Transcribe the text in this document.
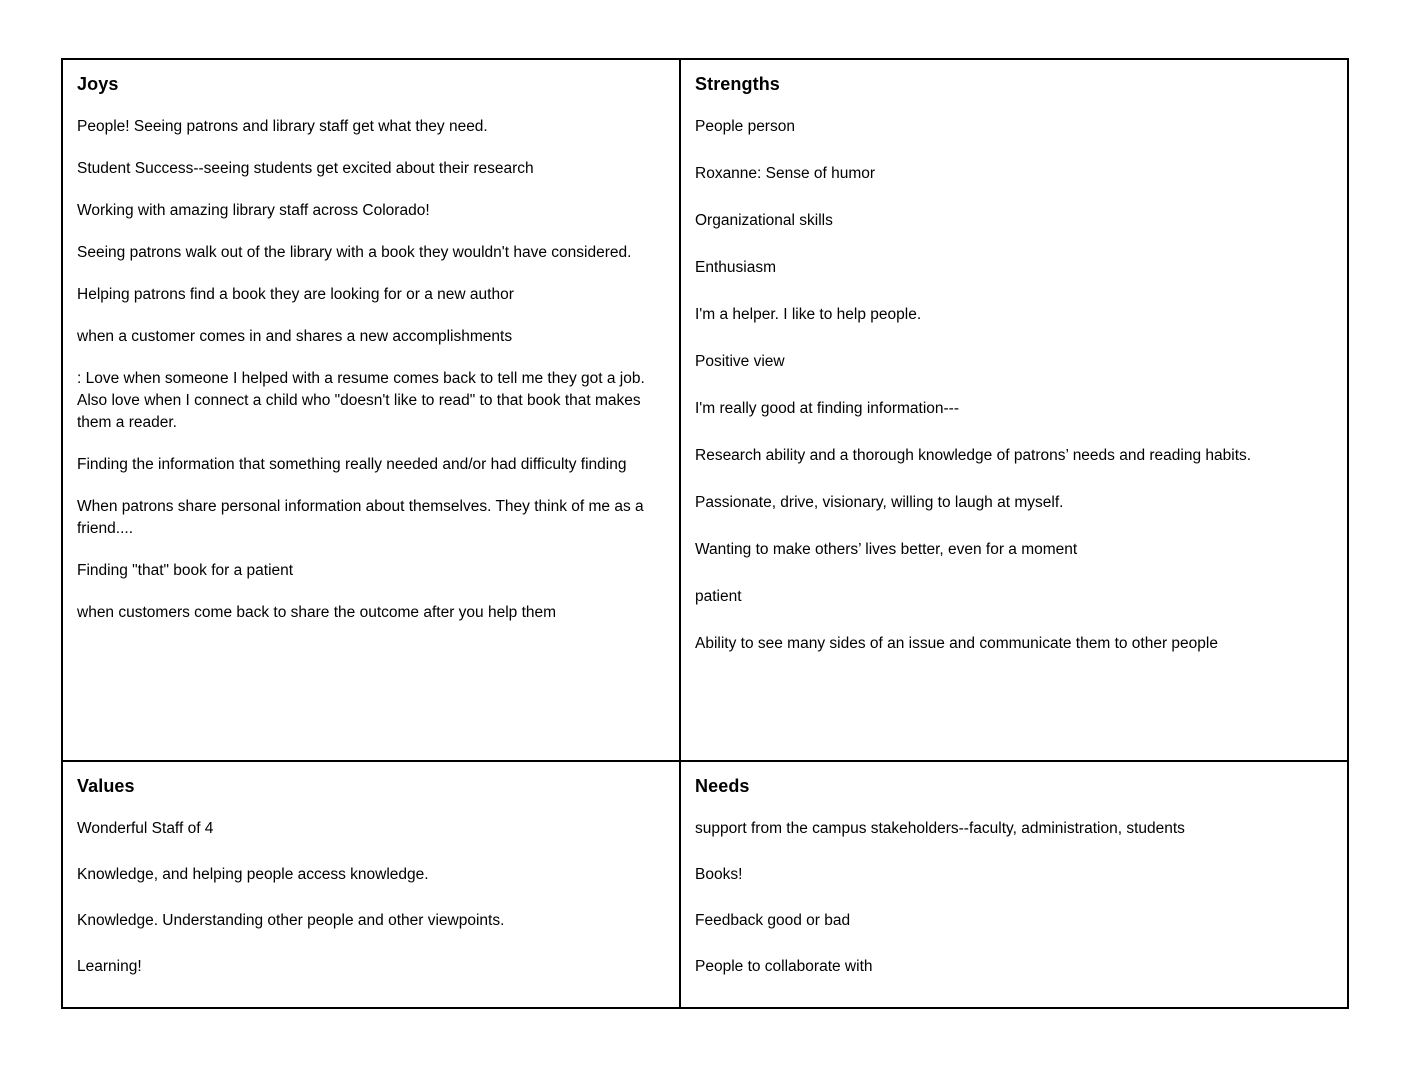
Joys

People! Seeing patrons and library staff get what they need.

Student Success--seeing students get excited about their research

Working with amazing library staff across Colorado!

Seeing patrons walk out of the library with a book they wouldn't have considered.

Helping patrons find a book they are looking for or a new author

when a customer comes in and shares a new accomplishments

: Love when someone I helped with a resume comes back to tell me they got a job. Also love when I connect a child who "doesn't like to read" to that book that makes them a reader.

Finding the information that something really needed and/or had difficulty finding

When patrons share personal information about themselves. They think of me as a friend....

Finding "that" book for a patient

when customers come back to share the outcome after you help them

Strengths

People person

Roxanne: Sense of humor

Organizational skills

Enthusiasm

I'm a helper. I like to help people.

Positive view

I'm really good at finding information---

Research ability and a thorough knowledge of patrons’ needs and reading habits.

Passionate, drive, visionary, willing to laugh at myself.

Wanting to make others’ lives better, even for a moment

patient

Ability to see many sides of an issue and communicate them to other people

Values

Wonderful Staff of 4

Knowledge, and helping people access knowledge.

Knowledge. Understanding other people and other viewpoints.

Learning!

Needs

support from the campus stakeholders--faculty, administration, students

Books!

Feedback good or bad

People to collaborate with
